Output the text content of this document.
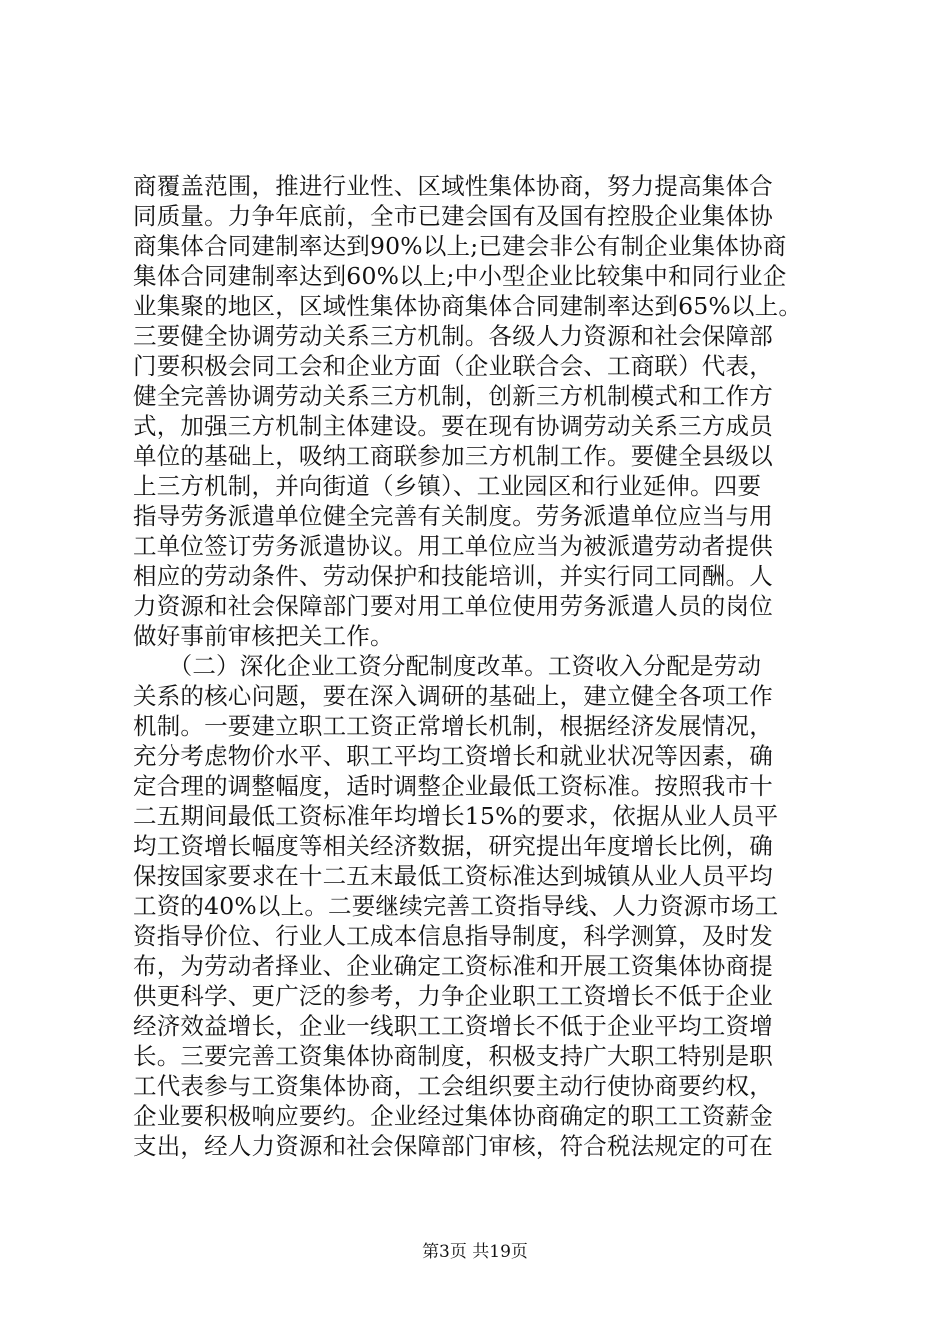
商覆盖范围，推进行业性、区域性集体协商，努力提高集体合
同质量。力争年底前，全市已建会国有及国有控股企业集体协
商集体合同建制率达到90%以上;已建会非公有制企业集体协商
集体合同建制率达到60%以上;中小型企业比较集中和同行业企
业集聚的地区，区域性集体协商集体合同建制率达到65%以上。
三要健全协调劳动关系三方机制。各级人力资源和社会保障部
门要积极会同工会和企业方面（企业联合会、工商联）代表，
健全完善协调劳动关系三方机制，创新三方机制模式和工作方
式，加强三方机制主体建设。要在现有协调劳动关系三方成员
单位的基础上，吸纳工商联参加三方机制工作。要健全县级以
上三方机制，并向街道（乡镇）、工业园区和行业延伸。四要
指导劳务派遣单位健全完善有关制度。劳务派遣单位应当与用
工单位签订劳务派遣协议。用工单位应当为被派遣劳动者提供
相应的劳动条件、劳动保护和技能培训，并实行同工同酬。人
力资源和社会保障部门要对用工单位使用劳务派遣人员的岗位
做好事前审核把关工作。
　　（二）深化企业工资分配制度改革。工资收入分配是劳动
关系的核心问题，要在深入调研的基础上，建立健全各项工作
机制。一要建立职工工资正常增长机制，根据经济发展情况，
充分考虑物价水平、职工平均工资增长和就业状况等因素，确
定合理的调整幅度，适时调整企业最低工资标准。按照我市十
二五期间最低工资标准年均增长15%的要求，依据从业人员平
均工资增长幅度等相关经济数据，研究提出年度增长比例，确
保按国家要求在十二五末最低工资标准达到城镇从业人员平均
工资的40%以上。二要继续完善工资指导线、人力资源市场工
资指导价位、行业人工成本信息指导制度，科学测算，及时发
布，为劳动者择业、企业确定工资标准和开展工资集体协商提
供更科学、更广泛的参考，力争企业职工工资增长不低于企业
经济效益增长，企业一线职工工资增长不低于企业平均工资增
长。三要完善工资集体协商制度，积极支持广大职工特别是职
工代表参与工资集体协商，工会组织要主动行使协商要约权，
企业要积极响应要约。企业经过集体协商确定的职工工资薪金
支出，经人力资源和社会保障部门审核，符合税法规定的可在
第3页 共19页
